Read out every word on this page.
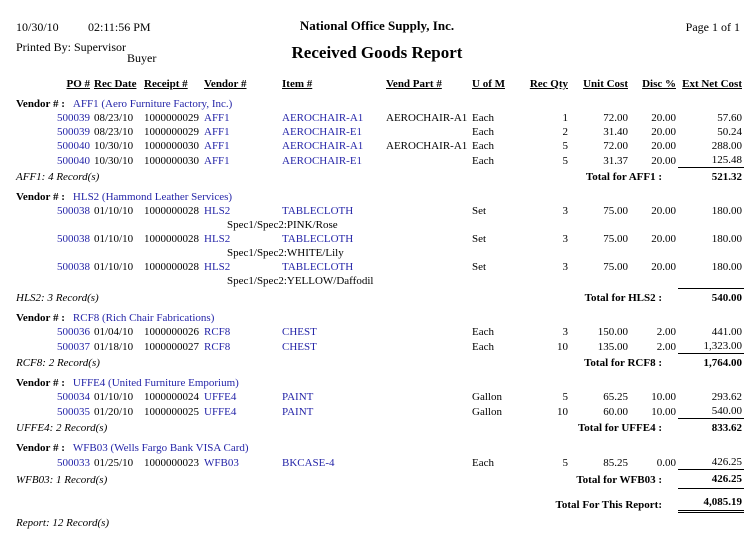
10/30/10 02:11:56 PM	National Office Supply, Inc.	Page 1 of 1
Printed By: Supervisor
Buyer	Received Goods Report
PO #	Rec Date	Receipt #	Vendor #	Item #	Vend Part #	U of M	Rec Qty	Unit Cost	Disc %	Ext Net Cost
Vendor # : AFF1 (Aero Furniture Factory, Inc.)										
500039	08/23/10	1000000029	AFF1	AEROCHAIR-A1	AEROCHAIR-A1	Each	1	72.00	20.00	57.60
500039	08/23/10	1000000029	AFF1	AEROCHAIR-E1		Each	2	31.40	20.00	50.24
500040	10/30/10	1000000030	AFF1	AEROCHAIR-A1	AEROCHAIR-A1	Each	5	72.00	20.00	288.00
500040	10/30/10	1000000030	AFF1	AEROCHAIR-E1		Each	5	31.37	20.00	125.48
AFF1: 4 Record(s)							Total for AFF1 :			521.32
Vendor # : HLS2 (Hammond Leather Services)										
500038	01/10/10	1000000028	HLS2	TABLECLOTH		Set	3	75.00	20.00	180.00
Spec1/Spec2:PINK/Rose										
500038	01/10/10	1000000028	HLS2	TABLECLOTH		Set	3	75.00	20.00	180.00
Spec1/Spec2:WHITE/Lily										
500038	01/10/10	1000000028	HLS2	TABLECLOTH		Set	3	75.00	20.00	180.00
Spec1/Spec2:YELLOW/Daffodil										
HLS2: 3 Record(s)							Total for HLS2 :			540.00
Vendor # : RCF8 (Rich Chair Fabrications)										
500036	01/04/10	1000000026	RCF8	CHEST		Each	3	150.00	2.00	441.00
500037	01/18/10	1000000027	RCF8	CHEST		Each	10	135.00	2.00	1,323.00
RCF8: 2 Record(s)							Total for RCF8 :			1,764.00
Vendor # : UFFE4 (United Furniture Emporium)										
500034	01/10/10	1000000024	UFFE4	PAINT		Gallon	5	65.25	10.00	293.62
500035	01/20/10	1000000025	UFFE4	PAINT		Gallon	10	60.00	10.00	540.00
UFFE4: 2 Record(s)							Total for UFFE4 :			833.62
Vendor # : WFB03 (Wells Fargo Bank VISA Card)										
500033	01/25/10	1000000023	WFB03	BKCASE-4		Each	5	85.25	0.00	426.25
WFB03: 1 Record(s)							Total for WFB03 :			426.25
							Total For This Report:			4,085.19
Report: 12 Record(s)										
